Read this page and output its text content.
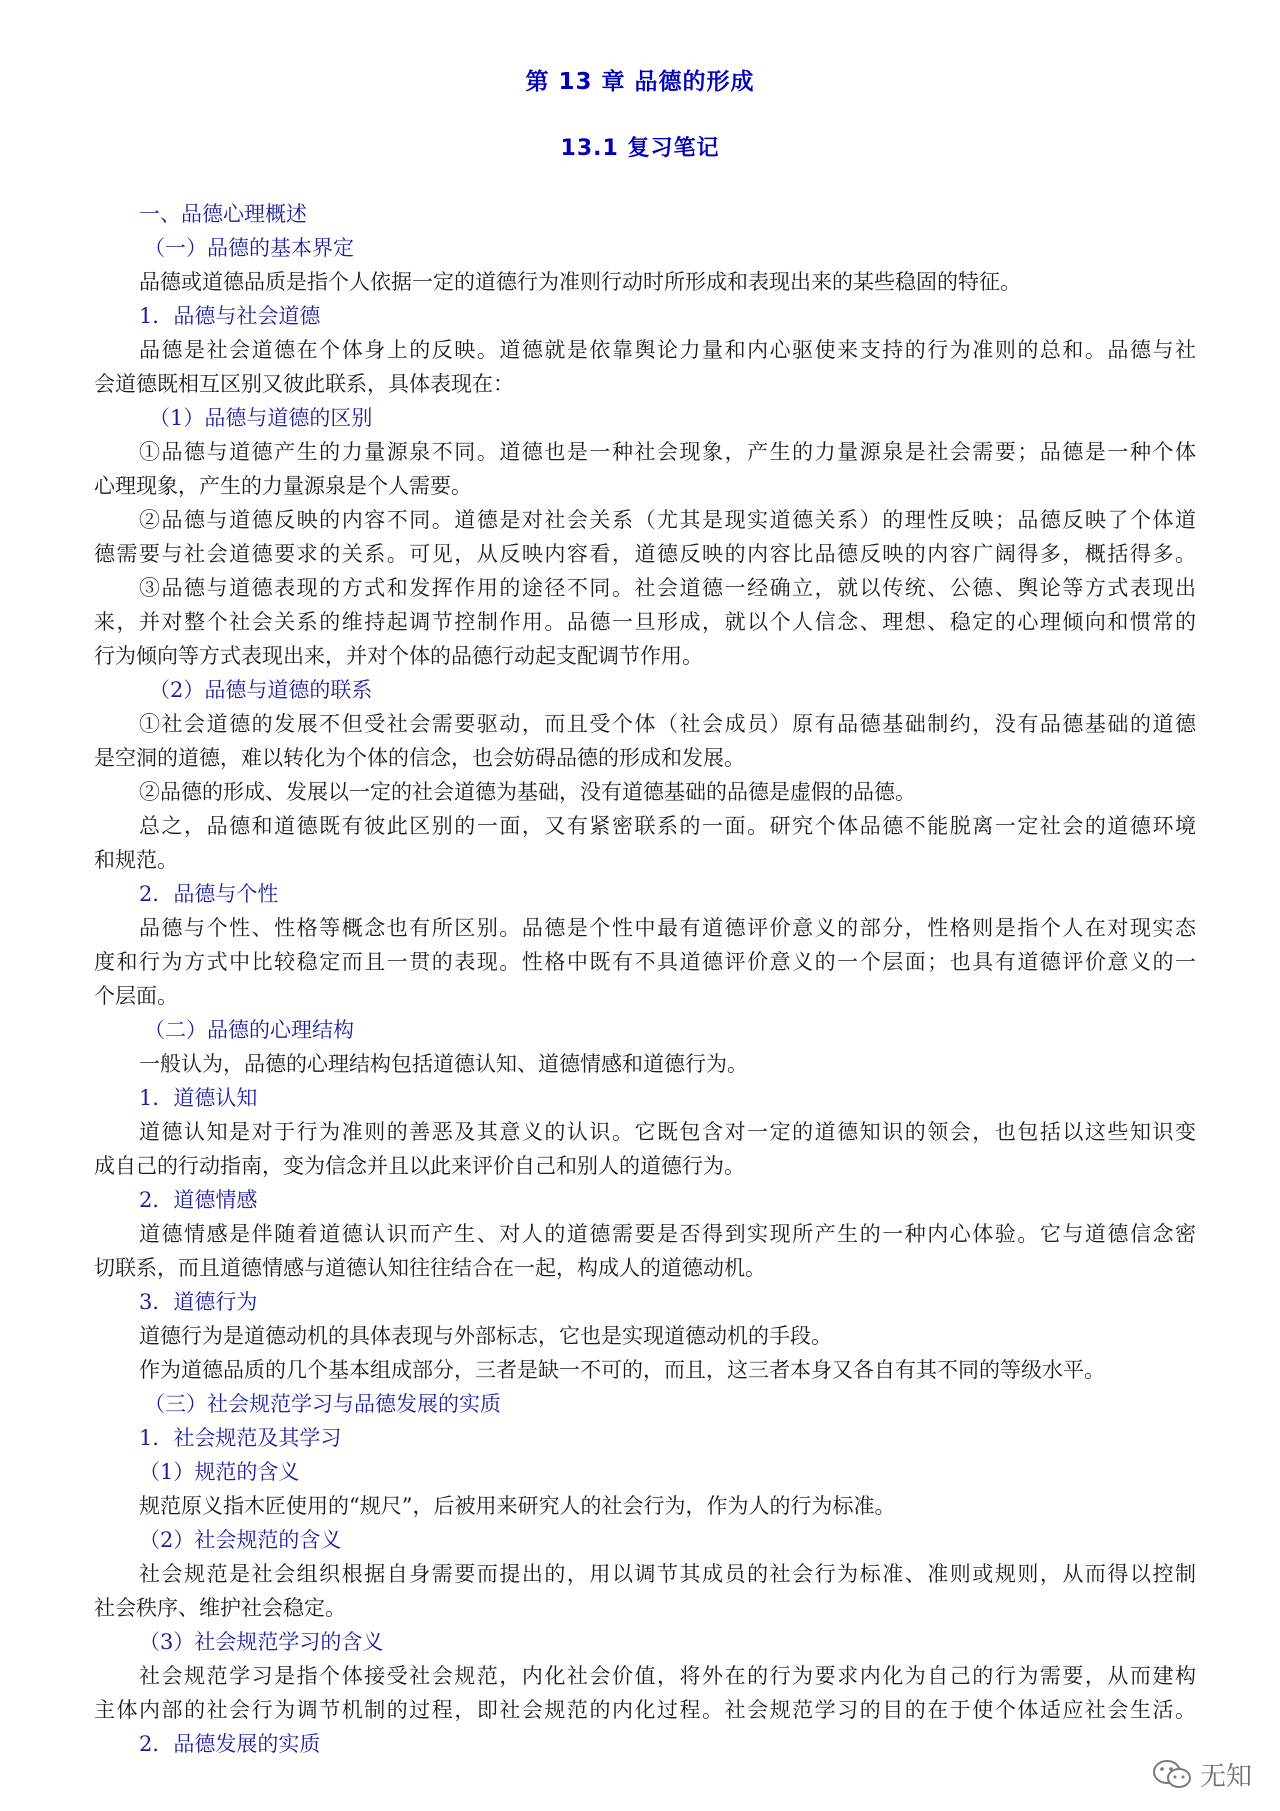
第 13 章 品德的形成
13.1 复习笔记
一、品德心理概述
（一）品德的基本界定
品德或道德品质是指个人依据一定的道德行为准则行动时所形成和表现出来的某些稳固的特征。
1．品德与社会道德
品德是社会道德在个体身上的反映。道德就是依靠舆论力量和内心驱使来支持的行为准则的总和。品德与社
会道德既相互区别又彼此联系，具体表现在：
（1）品德与道德的区别
①品德与道德产生的力量源泉不同。道德也是一种社会现象，产生的力量源泉是社会需要；品德是一种个体
心理现象，产生的力量源泉是个人需要。
②品德与道德反映的内容不同。道德是对社会关系（尤其是现实道德关系）的理性反映；品德反映了个体道
德需要与社会道德要求的关系。可见，从反映内容看，道德反映的内容比品德反映的内容广阔得多，概括得多。
③品德与道德表现的方式和发挥作用的途径不同。社会道德一经确立，就以传统、公德、舆论等方式表现出
来，并对整个社会关系的维持起调节控制作用。品德一旦形成，就以个人信念、理想、稳定的心理倾向和惯常的
行为倾向等方式表现出来，并对个体的品德行动起支配调节作用。
（2）品德与道德的联系
①社会道德的发展不但受社会需要驱动，而且受个体（社会成员）原有品德基础制约，没有品德基础的道德
是空洞的道德，难以转化为个体的信念，也会妨碍品德的形成和发展。
②品德的形成、发展以一定的社会道德为基础，没有道德基础的品德是虚假的品德。
总之，品德和道德既有彼此区别的一面，又有紧密联系的一面。研究个体品德不能脱离一定社会的道德环境
和规范。
2．品德与个性
品德与个性、性格等概念也有所区别。品德是个性中最有道德评价意义的部分，性格则是指个人在对现实态
度和行为方式中比较稳定而且一贯的表现。性格中既有不具道德评价意义的一个层面；也具有道德评价意义的一
个层面。
（二）品德的心理结构
一般认为，品德的心理结构包括道德认知、道德情感和道德行为。
1．道德认知
道德认知是对于行为准则的善恶及其意义的认识。它既包含对一定的道德知识的领会，也包括以这些知识变
成自己的行动指南，变为信念并且以此来评价自己和别人的道德行为。
2．道德情感
道德情感是伴随着道德认识而产生、对人的道德需要是否得到实现所产生的一种内心体验。它与道德信念密
切联系，而且道德情感与道德认知往往结合在一起，构成人的道德动机。
3．道德行为
道德行为是道德动机的具体表现与外部标志，它也是实现道德动机的手段。
作为道德品质的几个基本组成部分，三者是缺一不可的，而且，这三者本身又各自有其不同的等级水平。
（三）社会规范学习与品德发展的实质
1．社会规范及其学习
（1）规范的含义
规范原义指木匠使用的“规尺”，后被用来研究人的社会行为，作为人的行为标准。
（2）社会规范的含义
社会规范是社会组织根据自身需要而提出的，用以调节其成员的社会行为标准、准则或规则，从而得以控制
社会秩序、维护社会稳定。
（3）社会规范学习的含义
社会规范学习是指个体接受社会规范，内化社会价值，将外在的行为要求内化为自己的行为需要，从而建构
主体内部的社会行为调节机制的过程，即社会规范的内化过程。社会规范学习的目的在于使个体适应社会生活。
2．品德发展的实质
无知
